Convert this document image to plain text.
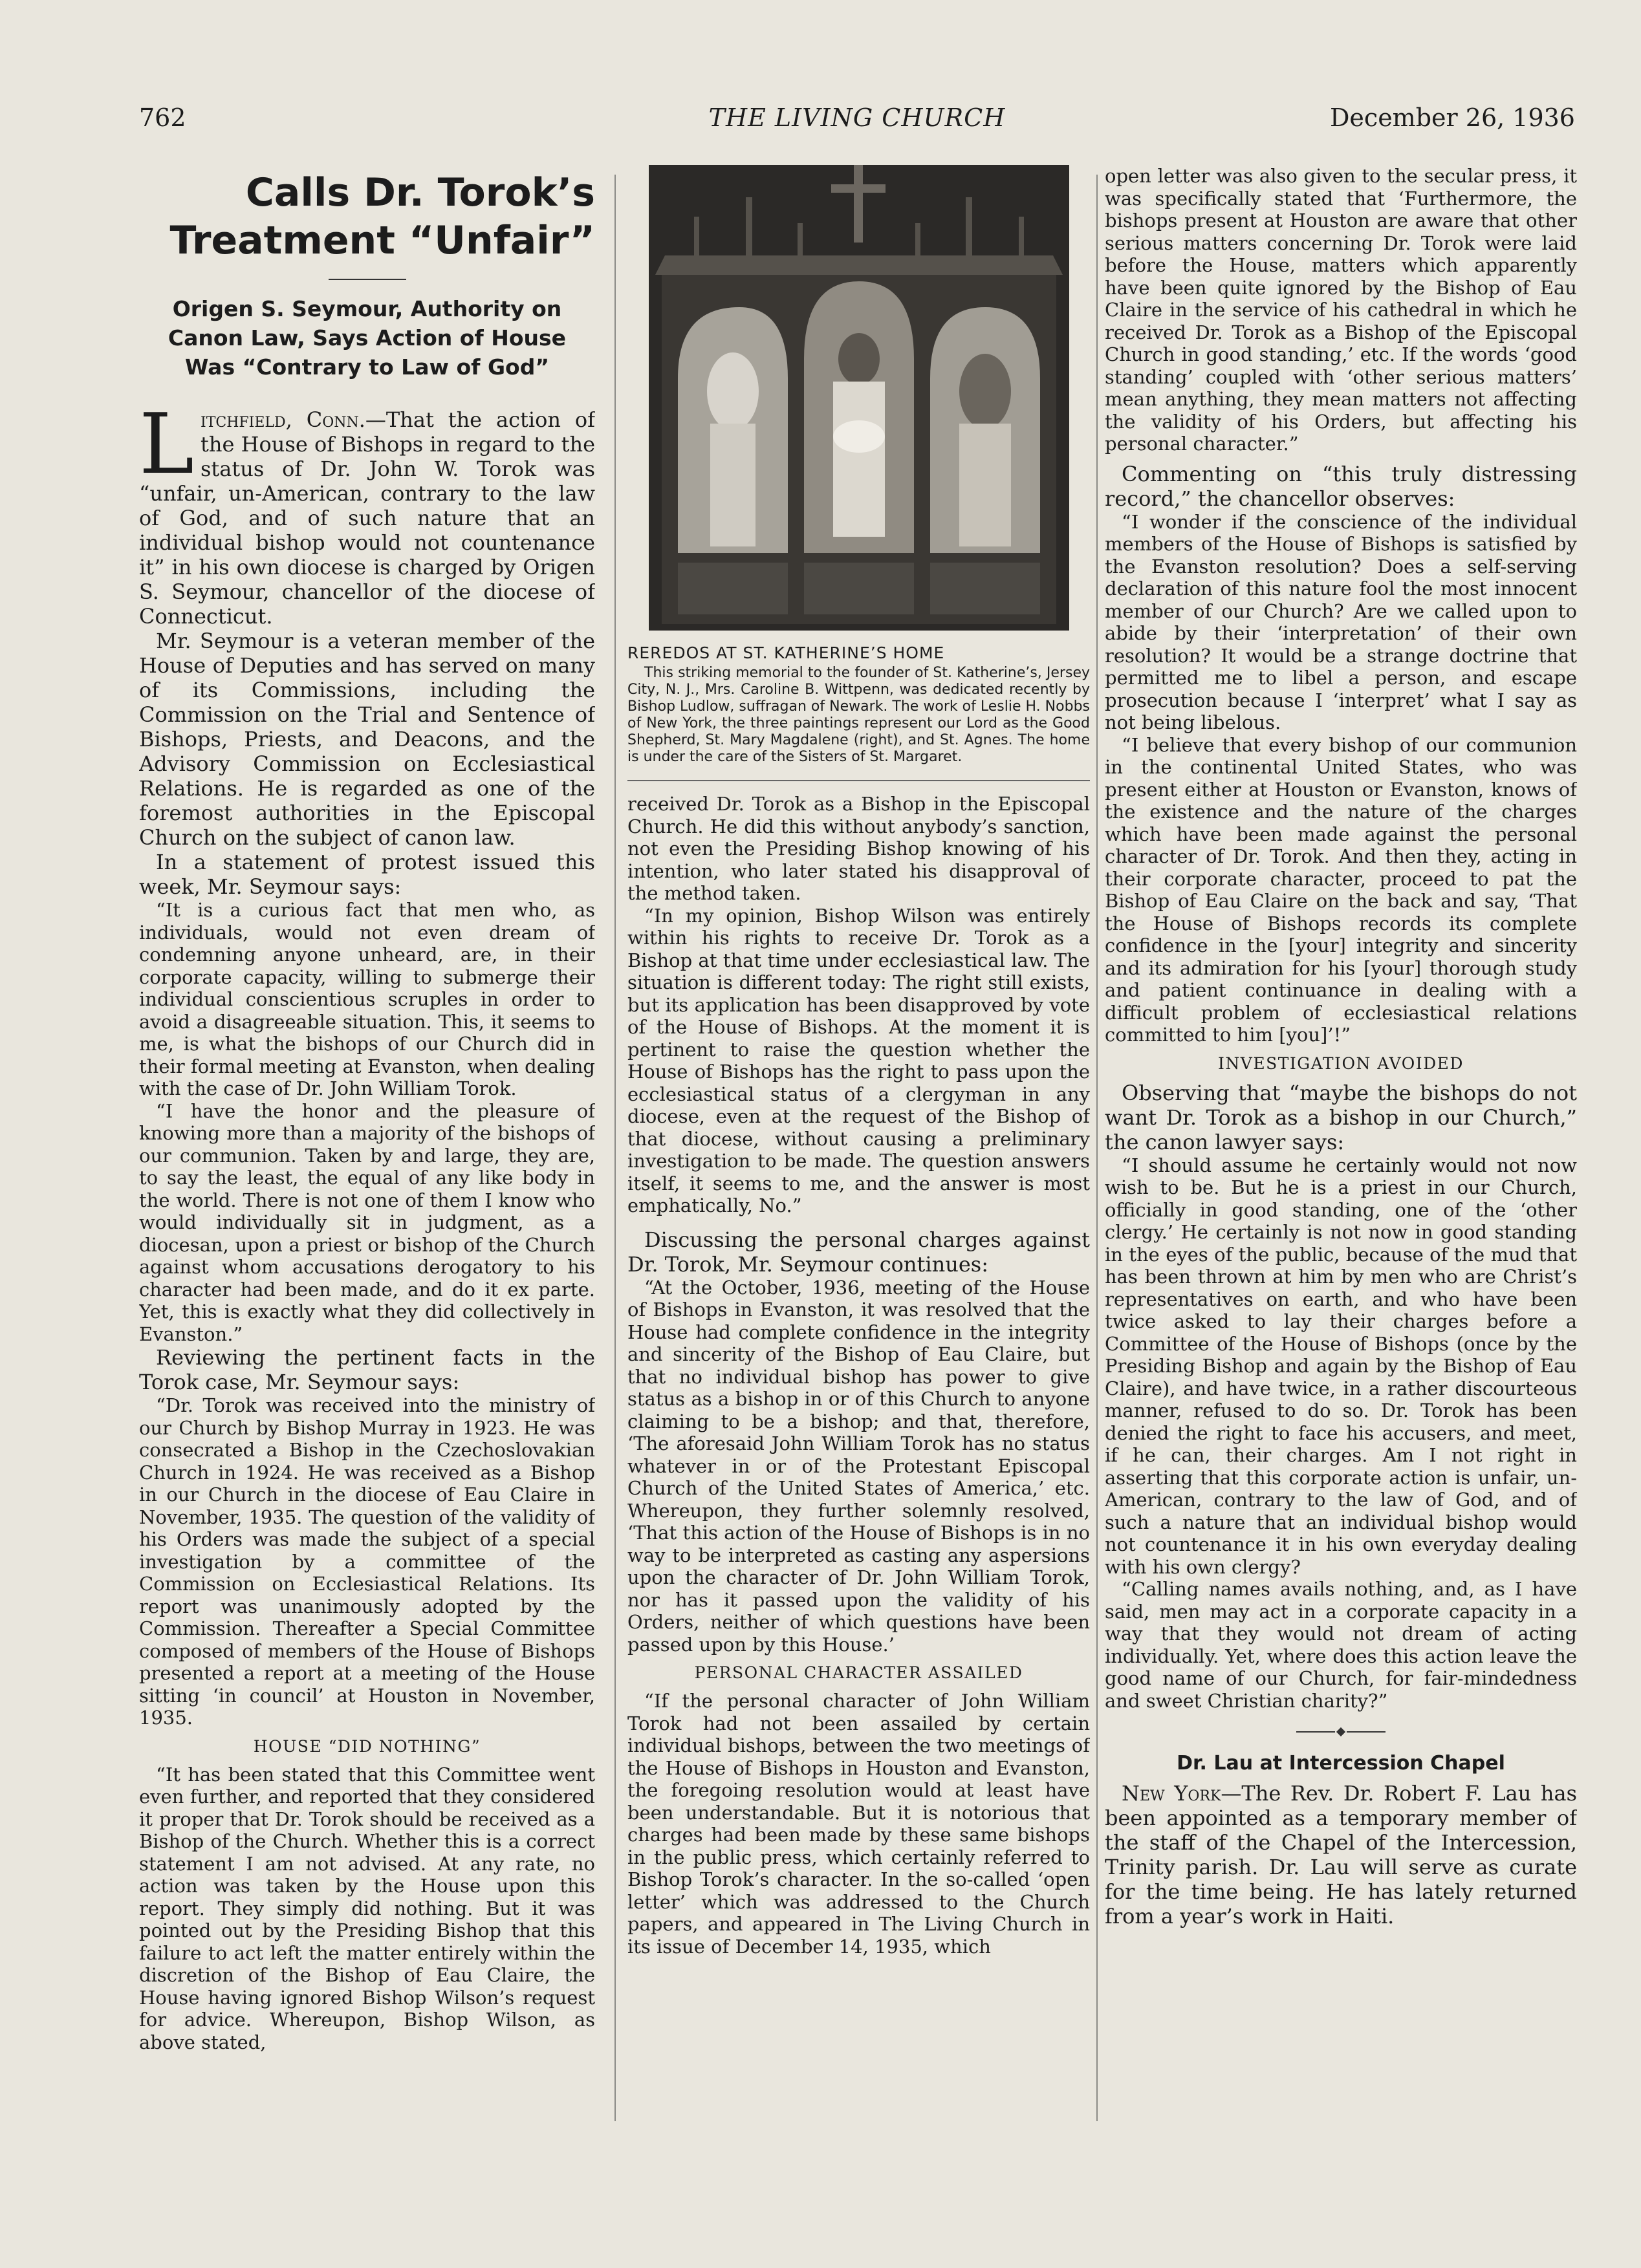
762	THE LIVING CHURCH	December 26, 1936
Calls Dr. Torok’s Treatment “Unfair”
Origen S. Seymour, Authority on Canon Law, Says Action of House Was “Contrary to Law of God”

Litchfield, Conn.—That the action of the House of Bishops in regard to the status of Dr. John W. Torok was “unfair, un-American, contrary to the law of God, and of such nature that an individual bishop would not countenance it” in his own diocese is charged by Origen S. Seymour, chancellor of the diocese of Connecticut.

Mr. Seymour is a veteran member of the House of Deputies and has served on many of its Commissions, including the Commission on the Trial and Sentence of Bishops, Priests, and Deacons, and the Advisory Commission on Ecclesiastical Relations. He is regarded as one of the foremost authorities in the Episcopal Church on the subject of canon law.

In a statement of protest issued this week, Mr. Seymour says:

“It is a curious fact that men who, as individuals, would not even dream of condemning anyone unheard, are, in their corporate capacity, willing to submerge their individual conscientious scruples in order to avoid a disagreeable situation. This, it seems to me, is what the bishops of our Church did in their formal meeting at Evanston, when dealing with the case of Dr. John William Torok.

“I have the honor and the pleasure of knowing more than a majority of the bishops of our communion. Taken by and large, they are, to say the least, the equal of any like body in the world. There is not one of them I know who would individually sit in judgment, as a diocesan, upon a priest or bishop of the Church against whom accusations derogatory to his character had been made, and do it ex parte. Yet, this is exactly what they did collectively in Evanston.”

Reviewing the pertinent facts in the Torok case, Mr. Seymour says:

“Dr. Torok was received into the ministry of our Church by Bishop Murray in 1923. He was consecrated a Bishop in the Czechoslovakian Church in 1924. He was received as a Bishop in our Church in the diocese of Eau Claire in November, 1935. The question of the validity of his Orders was made the subject of a special investigation by a committee of the Commission on Ecclesiastical Relations. Its report was unanimously adopted by the Commission. Thereafter a Special Committee composed of members of the House of Bishops presented a report at a meeting of the House sitting ‘in council’ at Houston in November, 1935.

HOUSE “DID NOTHING”

“It has been stated that this Committee went even further, and reported that they considered it proper that Dr. Torok should be received as a Bishop of the Church. Whether this is a correct statement I am not advised. At any rate, no action was taken by the House upon this report. They simply did nothing. But it was pointed out by the Presiding Bishop that this failure to act left the matter entirely within the discretion of the Bishop of Eau Claire, the House having ignored Bishop Wilson’s request for advice. Whereupon, Bishop Wilson, as above stated,

REREDOS AT ST. KATHERINE’S HOME
This striking memorial to the founder of St. Katherine’s, Jersey City, N. J., Mrs. Caroline B. Wittpenn, was dedicated recently by Bishop Ludlow, suffragan of Newark. The work of Leslie H. Nobbs of New York, the three paintings represent our Lord as the Good Shepherd, St. Mary Magdalene (right), and St. Agnes. The home is under the care of the Sisters of St. Margaret.

received Dr. Torok as a Bishop in the Episcopal Church. He did this without anybody’s sanction, not even the Presiding Bishop knowing of his intention, who later stated his disapproval of the method taken.

“In my opinion, Bishop Wilson was entirely within his rights to receive Dr. Torok as a Bishop at that time under ecclesiastical law. The situation is different today: The right still exists, but its application has been disapproved by vote of the House of Bishops. At the moment it is pertinent to raise the question whether the House of Bishops has the right to pass upon the ecclesiastical status of a clergyman in any diocese, even at the request of the Bishop of that diocese, without causing a preliminary investigation to be made. The question answers itself, it seems to me, and the answer is most emphatically, No.”

Discussing the personal charges against Dr. Torok, Mr. Seymour continues:

“At the October, 1936, meeting of the House of Bishops in Evanston, it was resolved that the House had complete confidence in the integrity and sincerity of the Bishop of Eau Claire, but that no individual bishop has power to give status as a bishop in or of this Church to anyone claiming to be a bishop; and that, therefore, ‘The aforesaid John William Torok has no status whatever in or of the Protestant Episcopal Church of the United States of America,’ etc. Whereupon, they further solemnly resolved, ‘That this action of the House of Bishops is in no way to be interpreted as casting any aspersions upon the character of Dr. John William Torok, nor has it passed upon the validity of his Orders, neither of which questions have been passed upon by this House.’

PERSONAL CHARACTER ASSAILED

“If the personal character of John William Torok had not been assailed by certain individual bishops, between the two meetings of the House of Bishops in Houston and Evanston, the foregoing resolution would at least have been understandable. But it is notorious that charges had been made by these same bishops in the public press, which certainly referred to Bishop Torok’s character. In the so-called ‘open letter’ which was addressed to the Church papers, and appeared in The Living Church in its issue of December 14, 1935, which

open letter was also given to the secular press, it was specifically stated that ‘Furthermore, the bishops present at Houston are aware that other serious matters concerning Dr. Torok were laid before the House, matters which apparently have been quite ignored by the Bishop of Eau Claire in the service of his cathedral in which he received Dr. Torok as a Bishop of the Episcopal Church in good standing,’ etc. If the words ‘good standing’ coupled with ‘other serious matters’ mean anything, they mean matters not affecting the validity of his Orders, but affecting his personal character.”

Commenting on “this truly distressing record,” the chancellor observes:

“I wonder if the conscience of the individual members of the House of Bishops is satisfied by the Evanston resolution? Does a self-serving declaration of this nature fool the most innocent member of our Church? Are we called upon to abide by their ‘interpretation’ of their own resolution? It would be a strange doctrine that permitted me to libel a person, and escape prosecution because I ‘interpret’ what I say as not being libelous.

“I believe that every bishop of our communion in the continental United States, who was present either at Houston or Evanston, knows of the existence and the nature of the charges which have been made against the personal character of Dr. Torok. And then they, acting in their corporate character, proceed to pat the Bishop of Eau Claire on the back and say, ‘That the House of Bishops records its complete confidence in the [your] integrity and sincerity and its admiration for his [your] thorough study and patient continuance in dealing with a difficult problem of ecclesiastical relations committed to him [you]’!”

INVESTIGATION AVOIDED

Observing that “maybe the bishops do not want Dr. Torok as a bishop in our Church,” the canon lawyer says:

“I should assume he certainly would not now wish to be. But he is a priest in our Church, officially in good standing, one of the ‘other clergy.’ He certainly is not now in good standing in the eyes of the public, because of the mud that has been thrown at him by men who are Christ’s representatives on earth, and who have been twice asked to lay their charges before a Committee of the House of Bishops (once by the Presiding Bishop and again by the Bishop of Eau Claire), and have twice, in a rather discourteous manner, refused to do so. Dr. Torok has been denied the right to face his accusers, and meet, if he can, their charges. Am I not right in asserting that this corporate action is unfair, un-American, contrary to the law of God, and of such a nature that an individual bishop would not countenance it in his own everyday dealing with his own clergy?

“Calling names avails nothing, and, as I have said, men may act in a corporate capacity in a way that they would not dream of acting individually. Yet, where does this action leave the good name of our Church, for fair-mindedness and sweet Christian charity?”

Dr. Lau at Intercession Chapel

New York—The Rev. Dr. Robert F. Lau has been appointed as a temporary member of the staff of the Chapel of the Intercession, Trinity parish. Dr. Lau will serve as curate for the time being. He has lately returned from a year’s work in Haiti.
